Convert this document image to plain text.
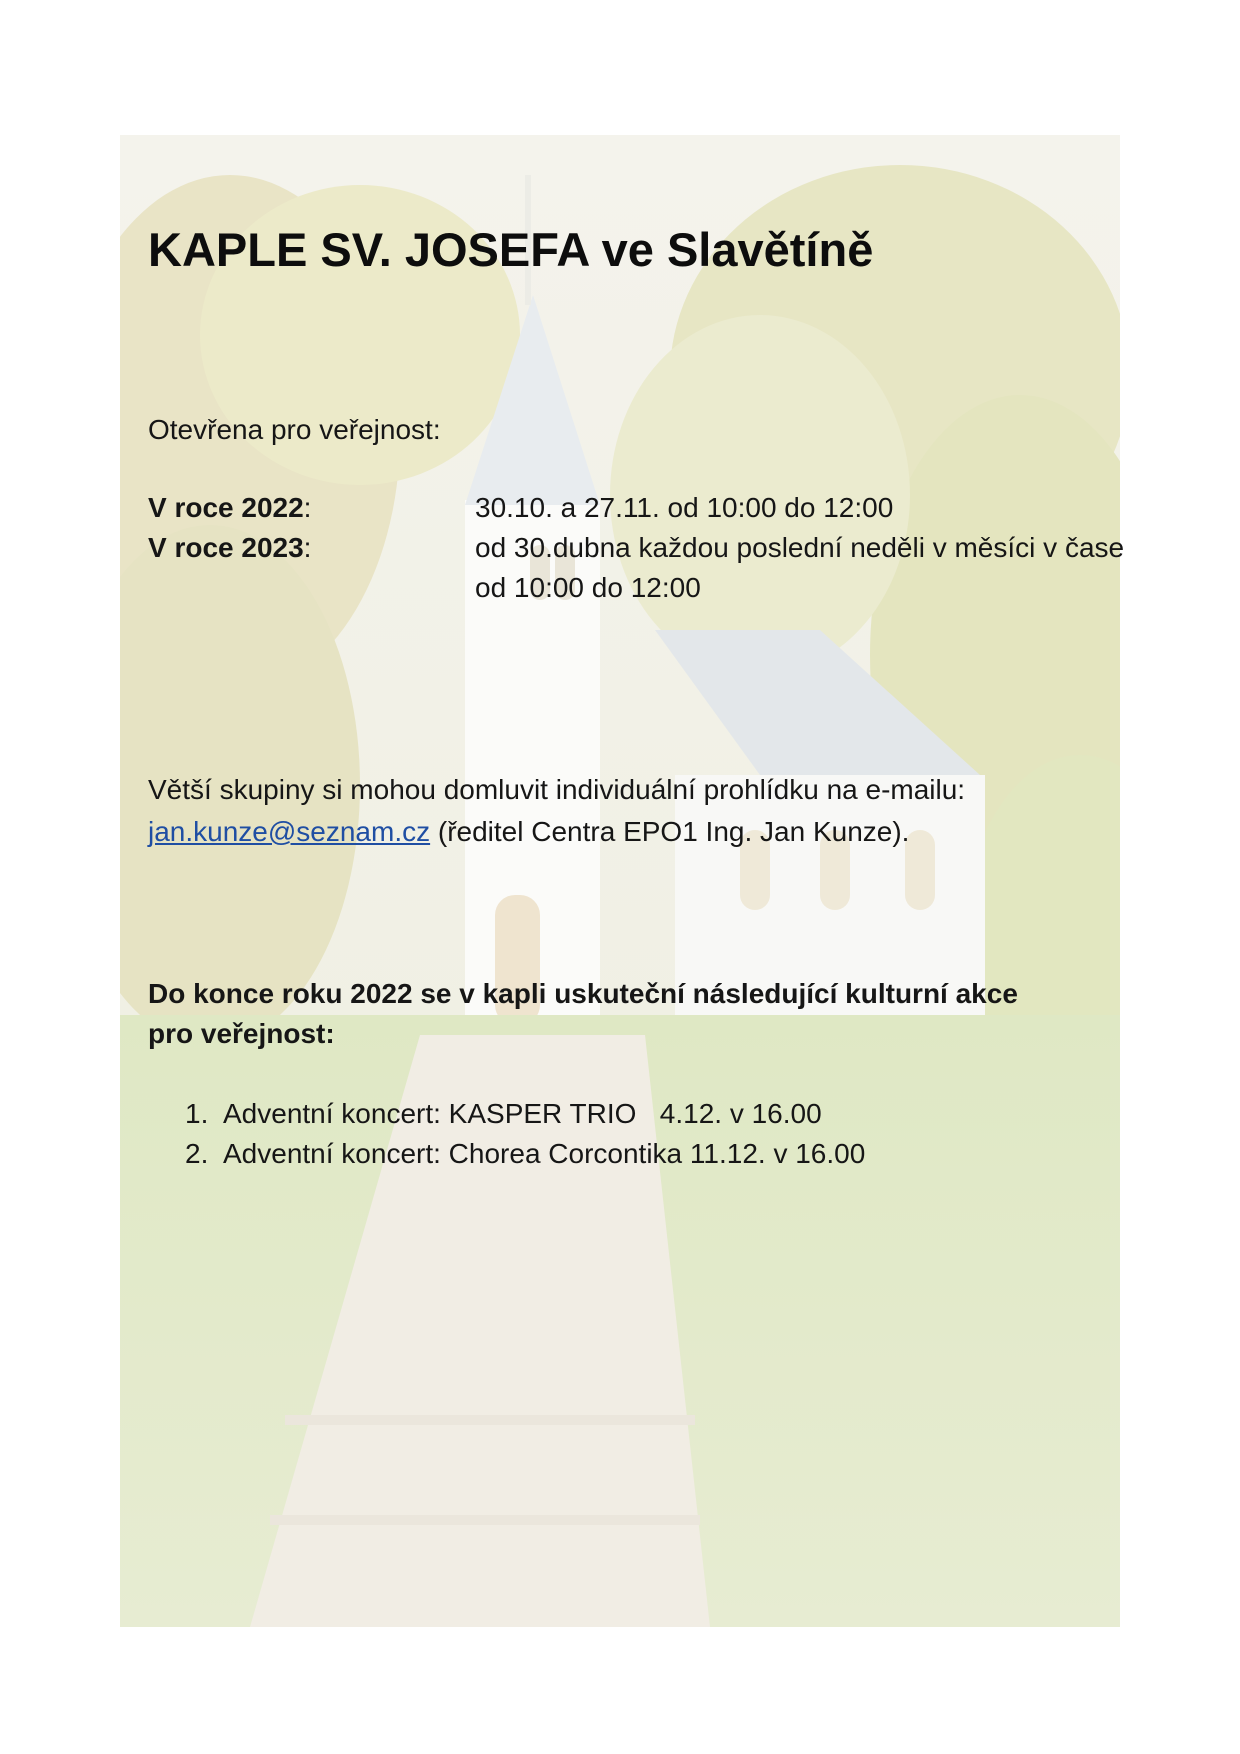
KAPLE SV. JOSEFA ve Slavětíně
Otevřena pro veřejnost:
V roce 2022:	30.10. a 27.11. od 10:00 do 12:00
V roce 2023:	od 30.dubna každou poslední neděli v měsíci v čase
od 10:00 do 12:00
Větší skupiny si mohou domluvit individuální prohlídku na e-mailu:
jan.kunze@seznam.cz (ředitel Centra EPO1 Ing. Jan Kunze).
Do konce roku 2022 se v kapli uskuteční následující kulturní akce
pro veřejnost:
1. Adventní koncert: KASPER TRIO   4.12. v 16.00
2. Adventní koncert: Chorea Corcontika 11.12. v 16.00
